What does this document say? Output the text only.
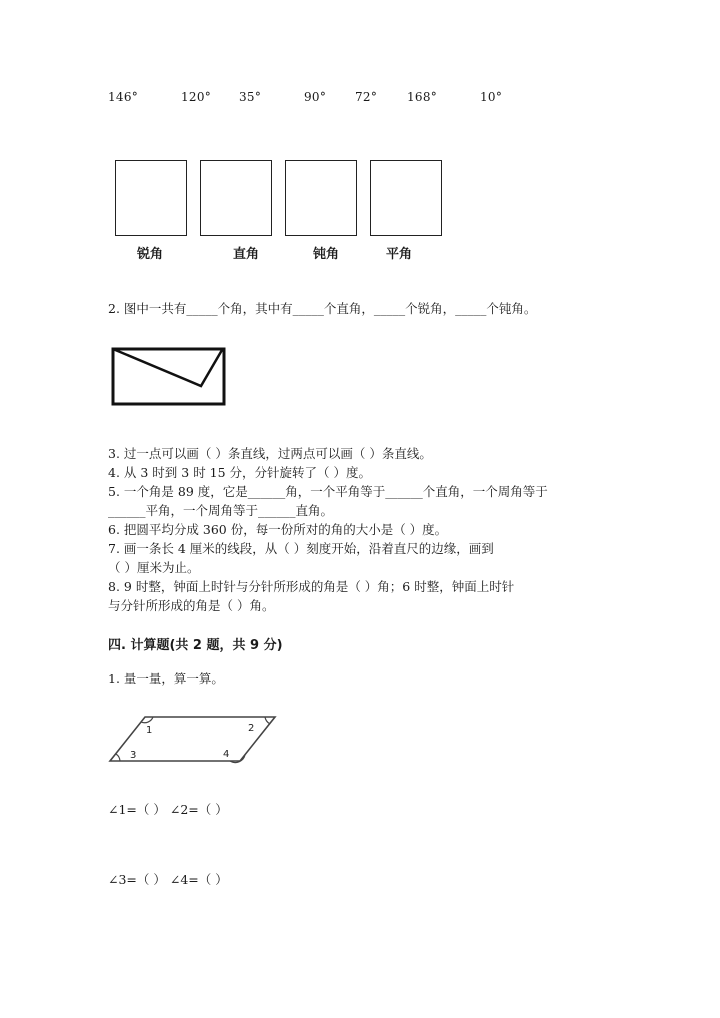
146°	120° 35°	90° 72° 168°	10°
锐角	直角	钝角	平角
2. 图中一共有_____个角，其中有_____个直角，_____个锐角，_____个钝角。
3. 过一点可以画（ ）条直线，过两点可以画（ ）条直线。
4. 从 3 时到 3 时 15 分，分针旋转了（ ）度。
5. 一个角是 89 度，它是______角，一个平角等于______个直角，一个周角等于
______平角，一个周角等于______直角。
6. 把圆平均分成 360 份，每一份所对的角的大小是（ ）度。
7. 画一条长 4 厘米的线段，从（ ）刻度开始，沿着直尺的边缘，画到
（ ）厘米为止。
8. 9 时整，钟面上时针与分针所形成的角是（ ）角；6 时整，钟面上时针
与分针所形成的角是（ ）角。
四. 计算题(共 2 题，共 9 分)
1. 量一量，算一算。
1	2
3	4
∠1=（ ） ∠2=（ ）
∠3=（ ） ∠4=（ ）
